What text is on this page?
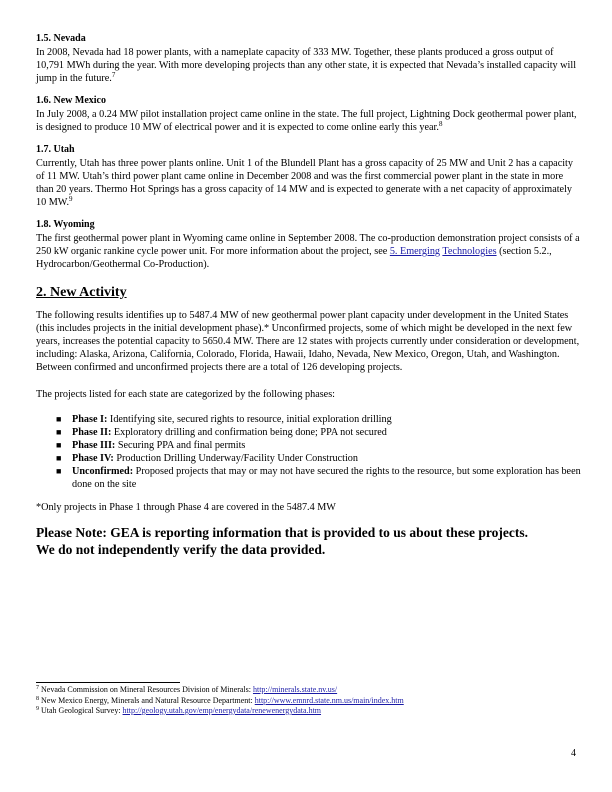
1.5. Nevada

In 2008, Nevada had 18 power plants, with a nameplate capacity of 333 MW. Together, these plants produced a gross output of 10,791 MWh during the year. With more developing projects than any other state, it is expected that Nevada’s installed capacity will jump in the future.$^7$

1.6. New Mexico

In July 2008, a 0.24 MW pilot installation project came online in the state. The full project, Lightning Dock geothermal power plant, is designed to produce 10 MW of electrical power and it is expected to come online early this year.$^8$

1.7. Utah

Currently, Utah has three power plants online. Unit 1 of the Blundell Plant has a gross capacity of 25 MW and Unit 2 has a capacity of 11 MW. Utah’s third power plant came online in December 2008 and was the first commercial power plant in the state in more than 20 years. Thermo Hot Springs has a gross capacity of 14 MW and is expected to generate with a net capacity of approximately 10 MW.$^9$

1.8. Wyoming

The first geothermal power plant in Wyoming came online in September 2008. The co-production demonstration project consists of a 250 kW organic rankine cycle power unit. For more information about the project, see 5. Emerging Technologies (section 5.2., Hydrocarbon/Geothermal Co-Production).

2. New Activity

The following results identifies up to 5487.4 MW of new geothermal power plant capacity under development in the United States (this includes projects in the initial development phase).* Unconfirmed projects, some of which might be developed in the next few years, increases the potential capacity to 5650.4 MW. There are 12 states with projects currently under consideration or development, including: Alaska, Arizona, California, Colorado, Florida, Hawaii, Idaho, Nevada, New Mexico, Oregon, Utah, and Washington. Between confirmed and unconfirmed projects there are a total of 126 developing projects.

The projects listed for each state are categorized by the following phases:

■ Phase I: Identifying site, secured rights to resource, initial exploration drilling
■ Phase II: Exploratory drilling and confirmation being done; PPA not secured
■ Phase III: Securing PPA and final permits
■ Phase IV: Production Drilling Underway/Facility Under Construction
■ Unconfirmed: Proposed projects that may or may not have secured the rights to the resource, but some exploration has been done on the site

*Only projects in Phase 1 through Phase 4 are covered in the 5487.4 MW

Please Note: GEA is reporting information that is provided to us about these projects.
We do not independently verify the data provided.
$^7$ Nevada Commission on Mineral Resources Division of Minerals: http://minerals.state.nv.us/
$^8$ New Mexico Energy, Minerals and Natural Resource Department: http://www.emnrd.state.nm.us/main/index.htm
$^9$ Utah Geological Survey: http://geology.utah.gov/emp/energydata/renewenergydata.htm
4
